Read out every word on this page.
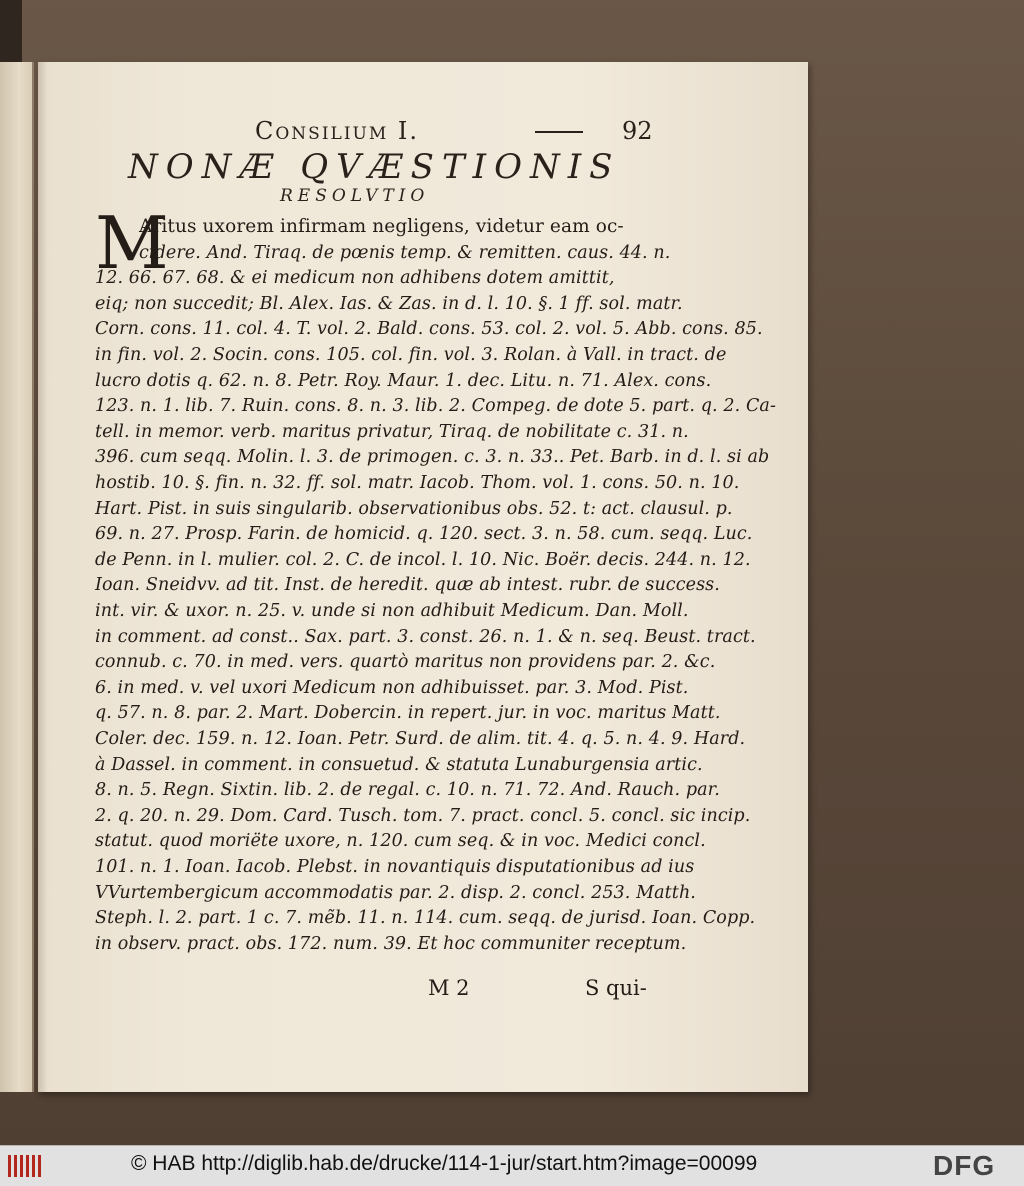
Consilium I.	92
NONÆ QVÆSTIONIS
RESOLVTIO
M
Aritus uxorem infirmam negligens, videtur eam oc-
cidere. And. Tiraq. de pœnis temp. & remitten. caus. 44. n.
12. 66. 67. 68. & ei medicum non adhibens dotem amittit,
eiq; non succedit; Bl. Alex. Ias. & Zas. in d. l. 10. §. 1 ff. sol. matr.
Corn. cons. 11. col. 4. T. vol. 2. Bald. cons. 53. col. 2. vol. 5. Abb. cons. 85.
in fin. vol. 2. Socin. cons. 105. col. fin. vol. 3. Rolan. à Vall. in tract. de
lucro dotis q. 62. n. 8. Petr. Roy. Maur. 1. dec. Litu. n. 71. Alex. cons.
123. n. 1. lib. 7. Ruin. cons. 8. n. 3. lib. 2. Compeg. de dote 5. part. q. 2. Ca-
tell. in memor. verb. maritus privatur, Tiraq. de nobilitate c. 31. n.
396. cum seqq. Molin. l. 3. de primogen. c. 3. n. 33.. Pet. Barb. in d. l. si ab
hostib. 10. §. fin. n. 32. ff. sol. matr. Iacob. Thom. vol. 1. cons. 50. n. 10.
Hart. Pist. in suis singularib. observationibus obs. 52. t: act. clausul. p.
69. n. 27. Prosp. Farin. de homicid. q. 120. sect. 3. n. 58. cum. seqq. Luc.
de Penn. in l. mulier. col. 2. C. de incol. l. 10. Nic. Boër. decis. 244. n. 12.
Ioan. Sneidvv. ad tit. Inst. de heredit. quæ ab intest. rubr. de success.
int. vir. & uxor. n. 25. v. unde si non adhibuit Medicum. Dan. Moll.
in comment. ad const.. Sax. part. 3. const. 26. n. 1. & n. seq. Beust. tract.
connub. c. 70. in med. vers. quartò maritus non providens par. 2. &c.
6. in med. v. vel uxori Medicum non adhibuisset. par. 3. Mod. Pist.
q. 57. n. 8. par. 2. Mart. Dobercin. in repert. jur. in voc. maritus Matt.
Coler. dec. 159. n. 12. Ioan. Petr. Surd. de alim. tit. 4. q. 5. n. 4. 9. Hard.
à Dassel. in comment. in consuetud. & statuta Lunaburgensia artic.
8. n. 5. Regn. Sixtin. lib. 2. de regal. c. 10. n. 71. 72. And. Rauch. par.
2. q. 20. n. 29. Dom. Card. Tusch. tom. 7. pract. concl. 5. concl. sic incip.
statut. quod moriëte uxore, n. 120. cum seq. & in voc. Medici concl.
101. n. 1. Ioan. Iacob. Plebst. in novantiquis disputationibus ad ius
VVurtembergicum accommodatis par. 2. disp. 2. concl. 253. Matth.
Steph. l. 2. part. 1 c. 7. mẽb. 11. n. 114. cum. seqq. de jurisd. Ioan. Copp.
in observ. pract. obs. 172. num. 39. Et hoc communiter receptum.
M 2	S qui-
© HAB http://diglib.hab.de/drucke/114-1-jur/start.htm?image=00099	DFG
